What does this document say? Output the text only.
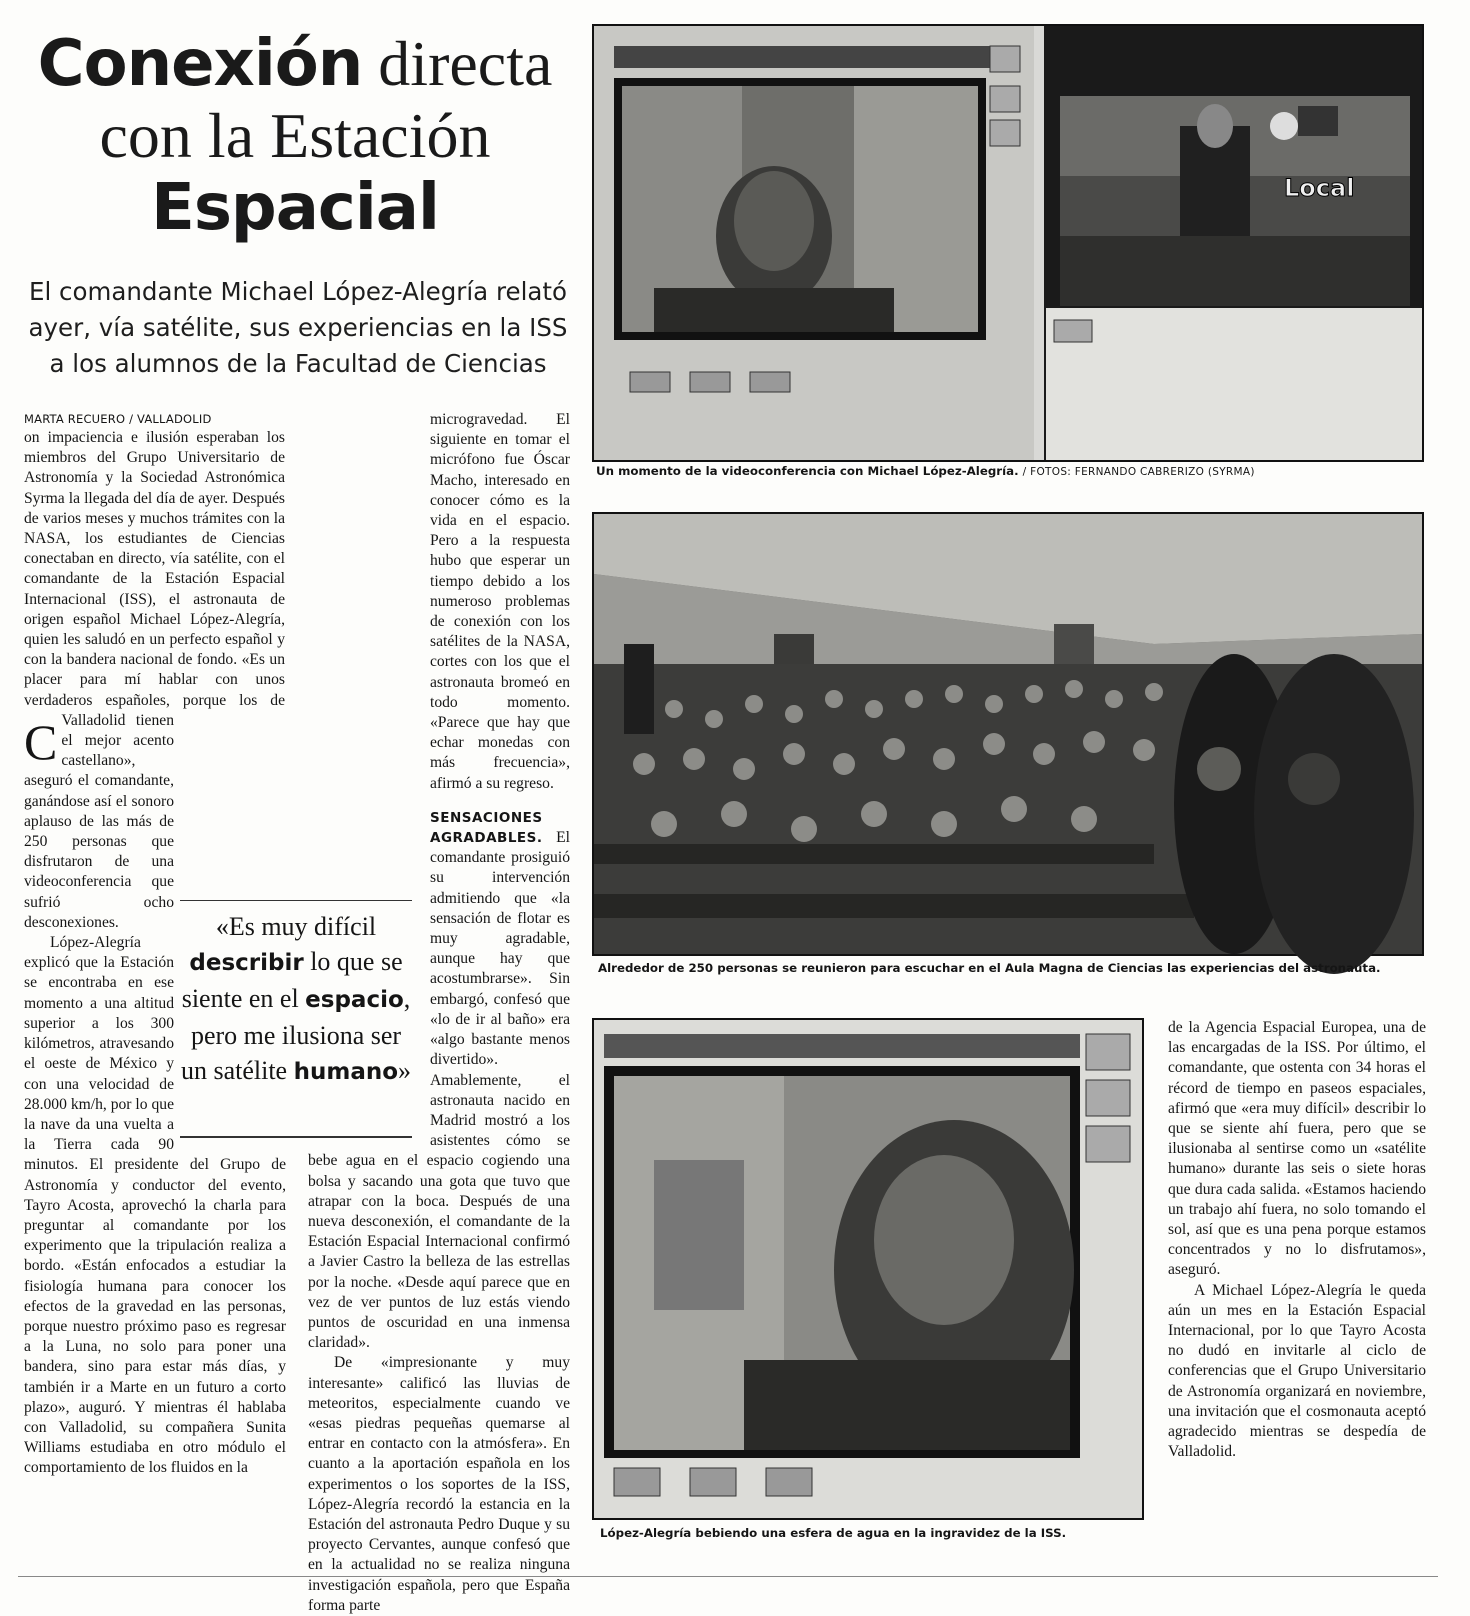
Conexión directa

con la Estación

Espacial

El comandante Michael López-Alegría relató ayer, vía satélite, sus experiencias en la ISS a los alumnos de la Facultad de Ciencias

MARTA RECUERO / VALLADOLID

C
on impaciencia e ilusión esperaban los miembros del Grupo Universitario de Astronomía y la Sociedad Astronómica Syrma la llegada del día de ayer. Después de varios meses y muchos trámites con la NASA, los estudiantes de Ciencias conectaban en directo, vía satélite, con el comandante de la Estación Espacial Internacional (ISS), el astronauta de origen español Michael López-Alegría, quien les saludó en un perfecto español y con la bandera nacional de fondo. «Es un placer para mí hablar con unos verdaderos españoles, porque los de Valladolid tienen el mejor acento castellano», aseguró el comandante, ganándose así el sonoro aplauso de las más de 250 personas que disfrutaron de una videoconferencia que sufrió ocho desconexiones.

López-Alegría explicó que la Estación se encontraba en ese momento a una altitud superior a los 300 kilómetros, atravesando el oeste de México y con una velocidad de 28.000 km/h, por lo que la nave da una vuelta a la Tierra cada 90 minutos. El presidente del Grupo de Astronomía y conductor del evento, Tayro Acosta, aprovechó la charla para preguntar al comandante por los experimento que la tripulación realiza a bordo. «Están enfocados a estudiar la fisiología humana para conocer los efectos de la gravedad en las personas, porque nuestro próximo paso es regresar a la Luna, no solo para poner una bandera, sino para estar más días, y también ir a Marte en un futuro a corto plazo», auguró. Y mientras él hablaba con Valladolid, su compañera Sunita Williams estudiaba en otro módulo el comportamiento de los fluidos en la

microgravedad. El siguiente en tomar el micrófono fue Óscar Macho, interesado en conocer cómo es la vida en el espacio. Pero a la respuesta hubo que esperar un tiempo debido a los numeroso problemas de conexión con los satélites de la NASA, cortes con los que el astronauta bromeó en todo momento. «Parece que hay que echar monedas con más frecuencia», afirmó a su regreso.

SENSACIONES AGRADABLES. El comandante prosiguió su intervención admitiendo que «la sensación de flotar es muy agradable, aunque hay que acostumbrarse». Sin embargó, confesó que «lo de ir al baño» era «algo bastante menos divertido». Amablemente, el astronauta nacido en Madrid mostró a los asistentes cómo se bebe agua en el espacio cogiendo una bolsa y sacando una gota que tuvo que atrapar con la boca. Después de una nueva desconexión, el comandante de la Estación Espacial Internacional confirmó a Javier Castro la belleza de las estrellas por la noche. «Desde aquí parece que en vez de ver puntos de luz estás viendo puntos de oscuridad en una inmensa claridad».

De «impresionante y muy interesante» calificó las lluvias de meteoritos, especialmente cuando ve «esas piedras pequeñas quemarse al entrar en contacto con la atmósfera». En cuanto a la aportación española en los experimentos o los soportes de la ISS, López-Alegría recordó la estancia en la Estación del astronauta Pedro Duque y su proyecto Cervantes, aunque confesó que en la actualidad no se realiza ninguna investigación española, pero que España forma parte

«Es muy difícil describir lo que se siente en el espacio, pero me ilusiona ser un satélite humano»

de la Agencia Espacial Europea, una de las encargadas de la ISS. Por último, el comandante, que ostenta con 34 horas el récord de tiempo en paseos espaciales, afirmó que «era muy difícil» describir lo que se siente ahí fuera, pero que se ilusionaba al sentirse como un «satélite humano» durante las seis o siete horas que dura cada salida. «Estamos haciendo un trabajo ahí fuera, no solo tomando el sol, así que es una pena porque estamos concentrados y no lo disfrutamos», aseguró.

A Michael López-Alegría le queda aún un mes en la Estación Espacial Internacional, por lo que Tayro Acosta no dudó en invitarle al ciclo de conferencias que el Grupo Universitario de Astronomía organizará en noviembre, una invitación que el cosmonauta aceptó agradecido mientras se despedía de Valladolid.

Local
Un momento de la videoconferencia con Michael López-Alegría. / FOTOS: FERNANDO CABRERIZO (SYRMA)
Alrededor de 250 personas se reunieron para escuchar en el Aula Magna de Ciencias las experiencias del astronauta.
López-Alegría bebiendo una esfera de agua en la ingravidez de la ISS.
